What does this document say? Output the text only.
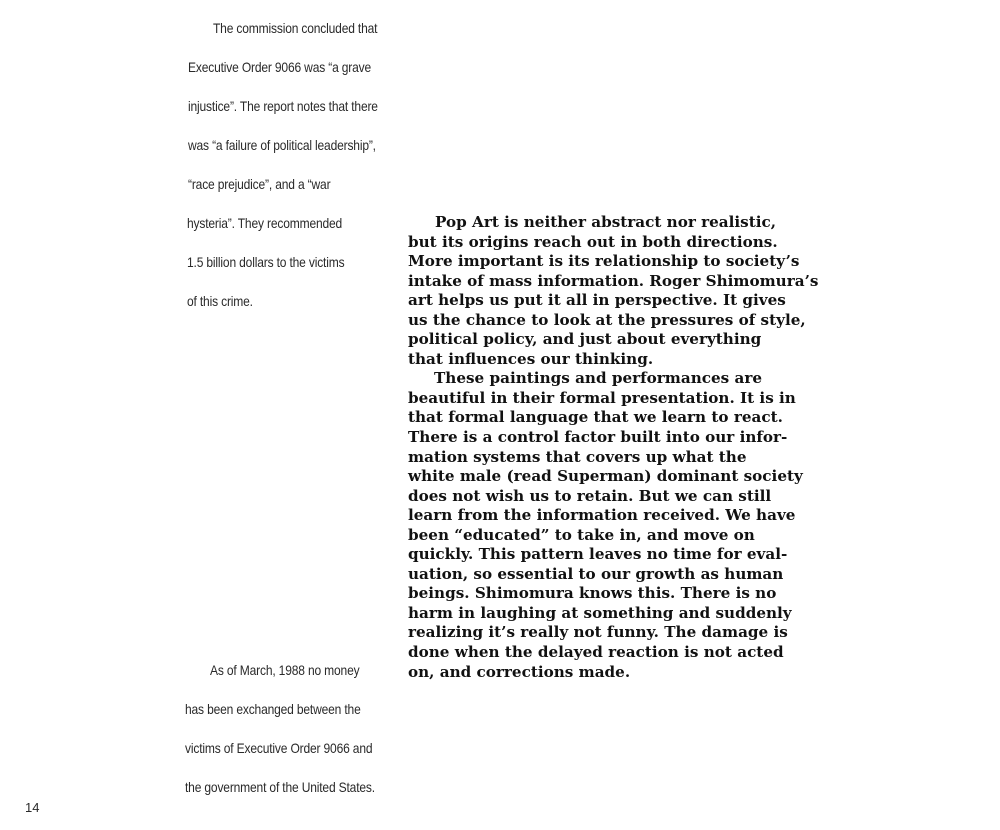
The commission concluded that
Executive Order 9066 was “a grave
injustice”. The report notes that there
was “a failure of political leadership”,
“race prejudice”, and a “war
hysteria”. They recommended
1.5 billion dollars to the victims
of this crime.
As of March, 1988 no money
has been exchanged between the
victims of Executive Order 9066 and
the government of the United States.
Pop Art is neither abstract nor realistic,
but its origins reach out in both directions.
More important is its relationship to society’s
intake of mass information. Roger Shimomura’s
art helps us put it all in perspective. It gives
us the chance to look at the pressures of style,
political policy, and just about everything
that influences our thinking.
These paintings and performances are
beautiful in their formal presentation. It is in
that formal language that we learn to react.
There is a control factor built into our infor-
mation systems that covers up what the
white male (read Superman) dominant society
does not wish us to retain. But we can still
learn from the information received. We have
been “educated” to take in, and move on
quickly. This pattern leaves no time for eval-
uation, so essential to our growth as human
beings. Shimomura knows this. There is no
harm in laughing at something and suddenly
realizing it’s really not funny. The damage is
done when the delayed reaction is not acted
on, and corrections made.
14
